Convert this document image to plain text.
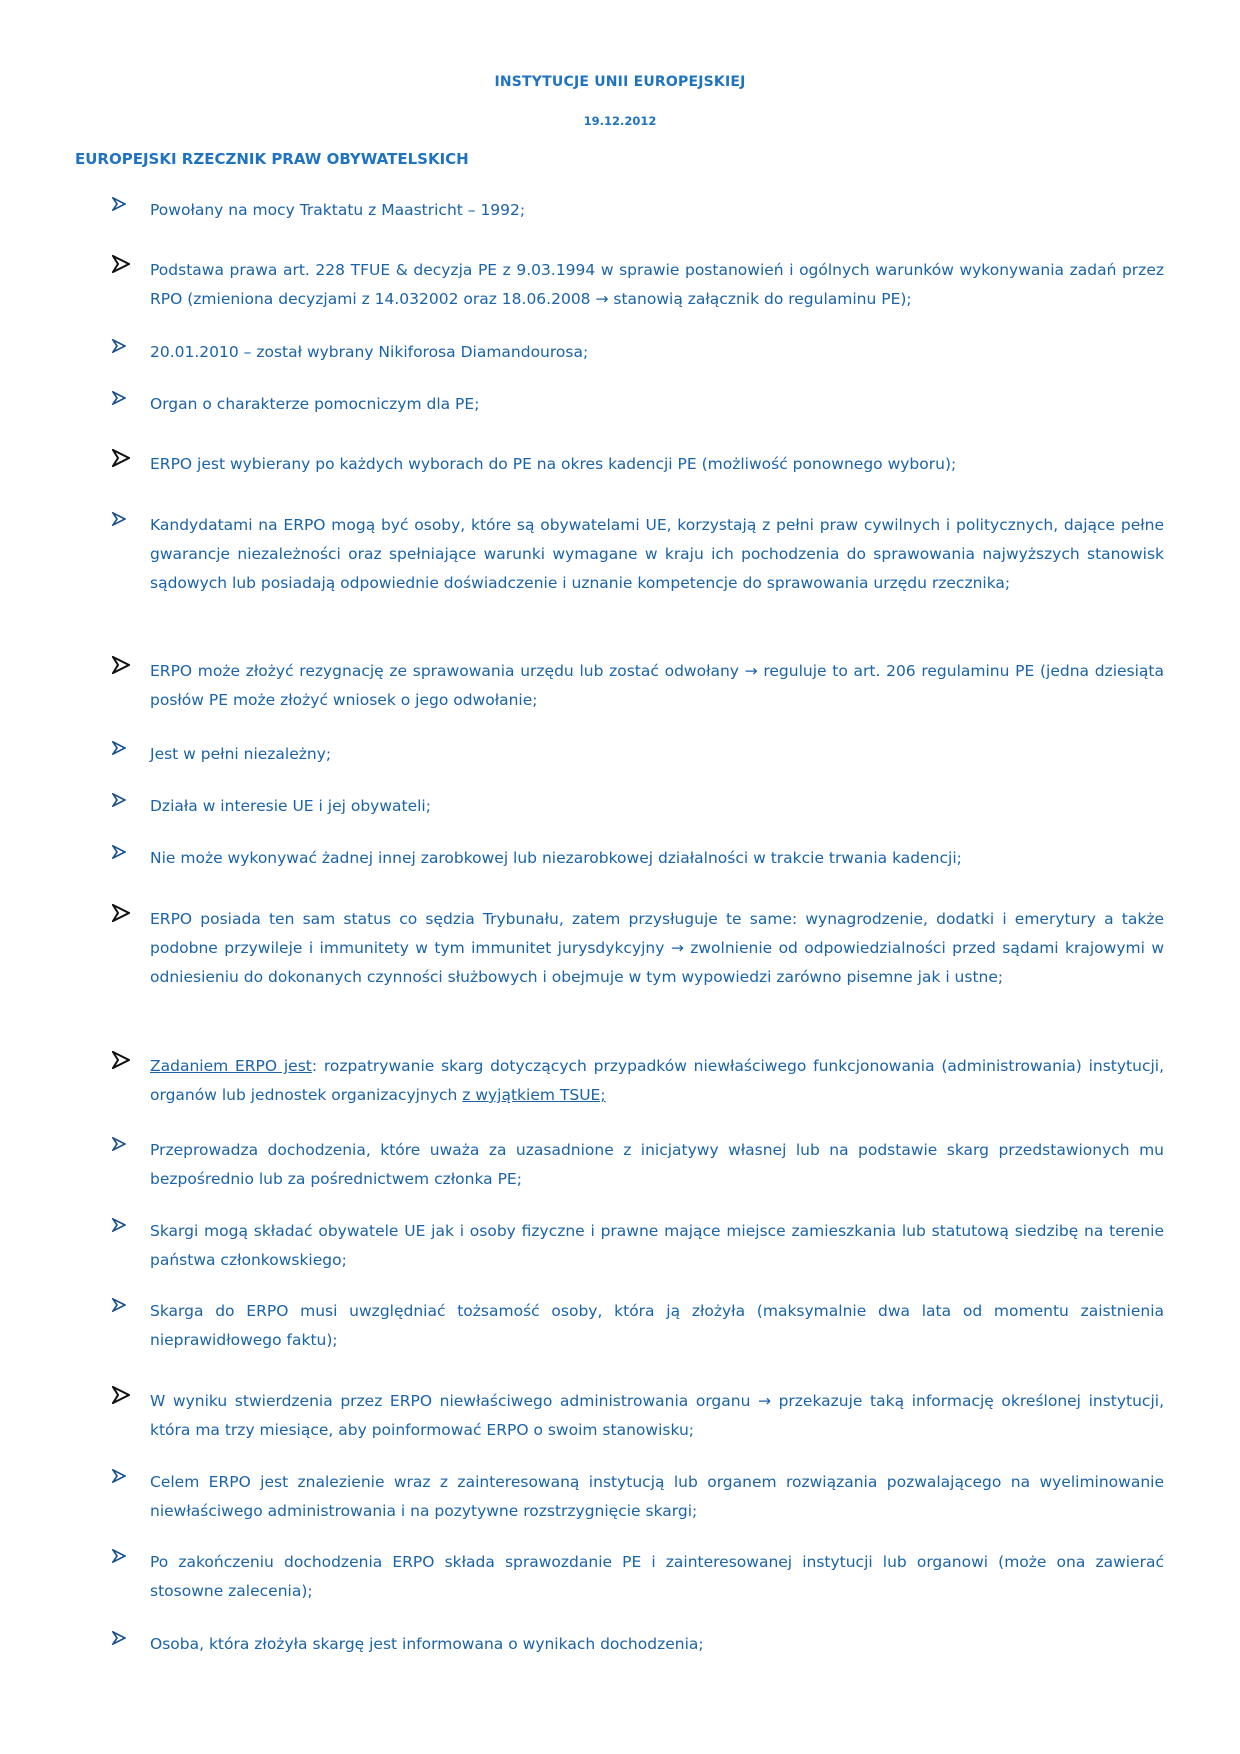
INSTYTUCJE UNII EUROPEJSKIEJ
19.12.2012
EUROPEJSKI RZECZNIK PRAW OBYWATELSKICH
Powołany na mocy Traktatu z Maastricht – 1992;
Podstawa prawa art. 228 TFUE & decyzja PE z 9.03.1994 w sprawie postanowień i ogólnych warunków wykonywania zadań przez RPO (zmieniona decyzjami z 14.032002 oraz 18.06.2008 → stanowią załącznik do regulaminu PE);
20.01.2010 – został wybrany Nikiforosa Diamandourosa;
Organ o charakterze pomocniczym dla PE;
ERPO jest wybierany po każdych wyborach do PE na okres kadencji PE (możliwość ponownego wyboru);
Kandydatami na ERPO mogą być osoby, które są obywatelami UE, korzystają z pełni praw cywilnych i politycznych, dające pełne gwarancje niezależności oraz spełniające warunki wymagane w kraju ich pochodzenia do sprawowania najwyższych stanowisk sądowych lub posiadają odpowiednie doświadczenie i uznanie kompetencje do sprawowania urzędu rzecznika;
ERPO może złożyć rezygnację ze sprawowania urzędu lub zostać odwołany → reguluje to art. 206 regulaminu PE (jedna dziesiąta posłów PE może złożyć wniosek o jego odwołanie;
Jest w pełni niezależny;
Działa w interesie UE i jej obywateli;
Nie może wykonywać żadnej innej zarobkowej lub niezarobkowej działalności w trakcie trwania kadencji;
ERPO posiada ten sam status co sędzia Trybunału, zatem przysługuje te same: wynagrodzenie, dodatki i emerytury a także podobne przywileje i immunitety w tym immunitet jurysdykcyjny → zwolnienie od odpowiedzialności przed sądami krajowymi w odniesieniu do dokonanych czynności służbowych i obejmuje w tym wypowiedzi zarówno pisemne jak i ustne;
Zadaniem ERPO jest: rozpatrywanie skarg dotyczących przypadków niewłaściwego funkcjonowania (administrowania) instytucji, organów lub jednostek organizacyjnych z wyjątkiem TSUE;
Przeprowadza dochodzenia, które uważa za uzasadnione z inicjatywy własnej lub na podstawie skarg przedstawionych mu bezpośrednio lub za pośrednictwem członka PE;
Skargi mogą składać obywatele UE jak i osoby fizyczne i prawne mające miejsce zamieszkania lub statutową siedzibę na terenie państwa członkowskiego;
Skarga do ERPO musi uwzględniać tożsamość osoby, która ją złożyła (maksymalnie dwa lata od momentu zaistnienia nieprawidłowego faktu);
W wyniku stwierdzenia przez ERPO niewłaściwego administrowania organu → przekazuje taką informację określonej instytucji, która ma trzy miesiące, aby poinformować ERPO o swoim stanowisku;
Celem ERPO jest znalezienie wraz z zainteresowaną instytucją lub organem rozwiązania pozwalającego na wyeliminowanie niewłaściwego administrowania i na pozytywne rozstrzygnięcie skargi;
Po zakończeniu dochodzenia ERPO składa sprawozdanie PE i zainteresowanej instytucji lub organowi (może ona zawierać stosowne zalecenia);
Osoba, która złożyła skargę jest informowana o wynikach dochodzenia;
